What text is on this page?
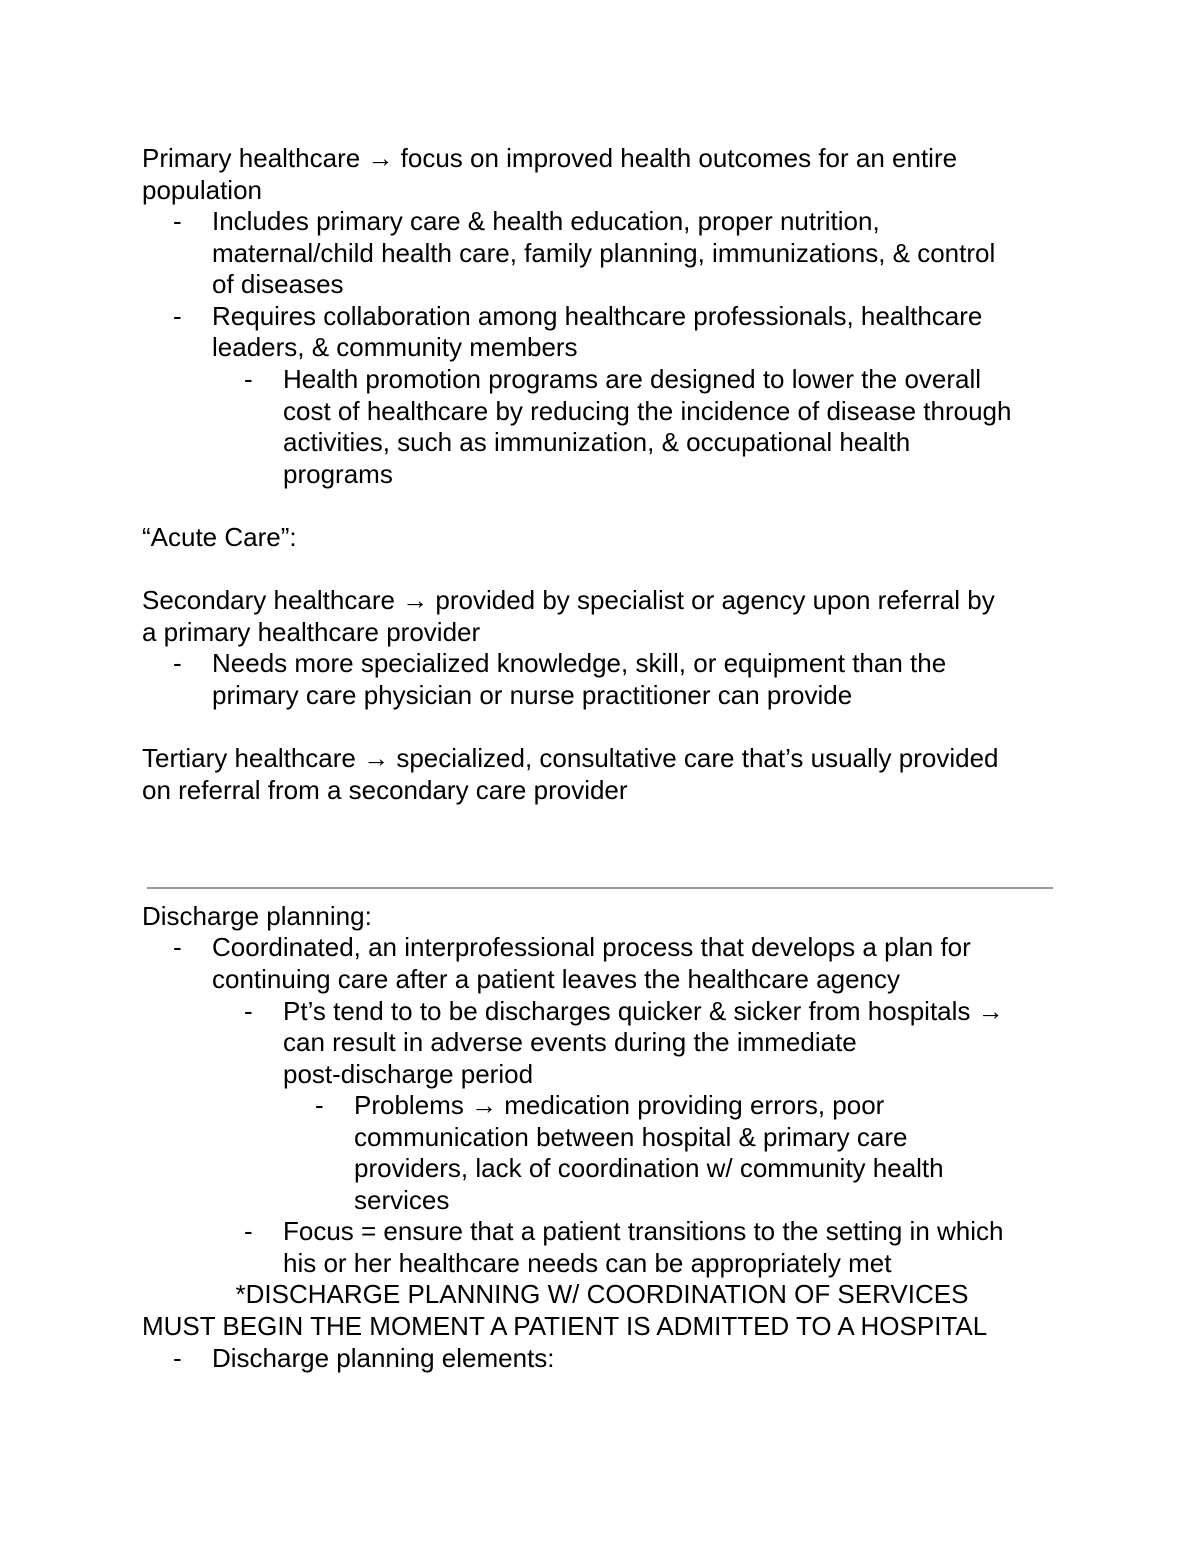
Primary healthcare → focus on improved health outcomes for an entire
population
- Includes primary care & health education, proper nutrition,
maternal/child health care, family planning, immunizations, & control
of diseases
- Requires collaboration among healthcare professionals, healthcare
leaders, & community members
- Health promotion programs are designed to lower the overall
cost of healthcare by reducing the incidence of disease through
activities, such as immunization, & occupational health
programs
“Acute Care”:
Secondary healthcare → provided by specialist or agency upon referral by
a primary healthcare provider
- Needs more specialized knowledge, skill, or equipment than the
primary care physician or nurse practitioner can provide
Tertiary healthcare → specialized, consultative care that’s usually provided
on referral from a secondary care provider
Discharge planning:
- Coordinated, an interprofessional process that develops a plan for
continuing care after a patient leaves the healthcare agency
- Pt’s tend to to be discharges quicker & sicker from hospitals →
can result in adverse events during the immediate
post-discharge period
- Problems → medication providing errors, poor
communication between hospital & primary care
providers, lack of coordination w/ community health
services
- Focus = ensure that a patient transitions to the setting in which
his or her healthcare needs can be appropriately met
*DISCHARGE PLANNING W/ COORDINATION OF SERVICES
MUST BEGIN THE MOMENT A PATIENT IS ADMITTED TO A HOSPITAL
- Discharge planning elements:
